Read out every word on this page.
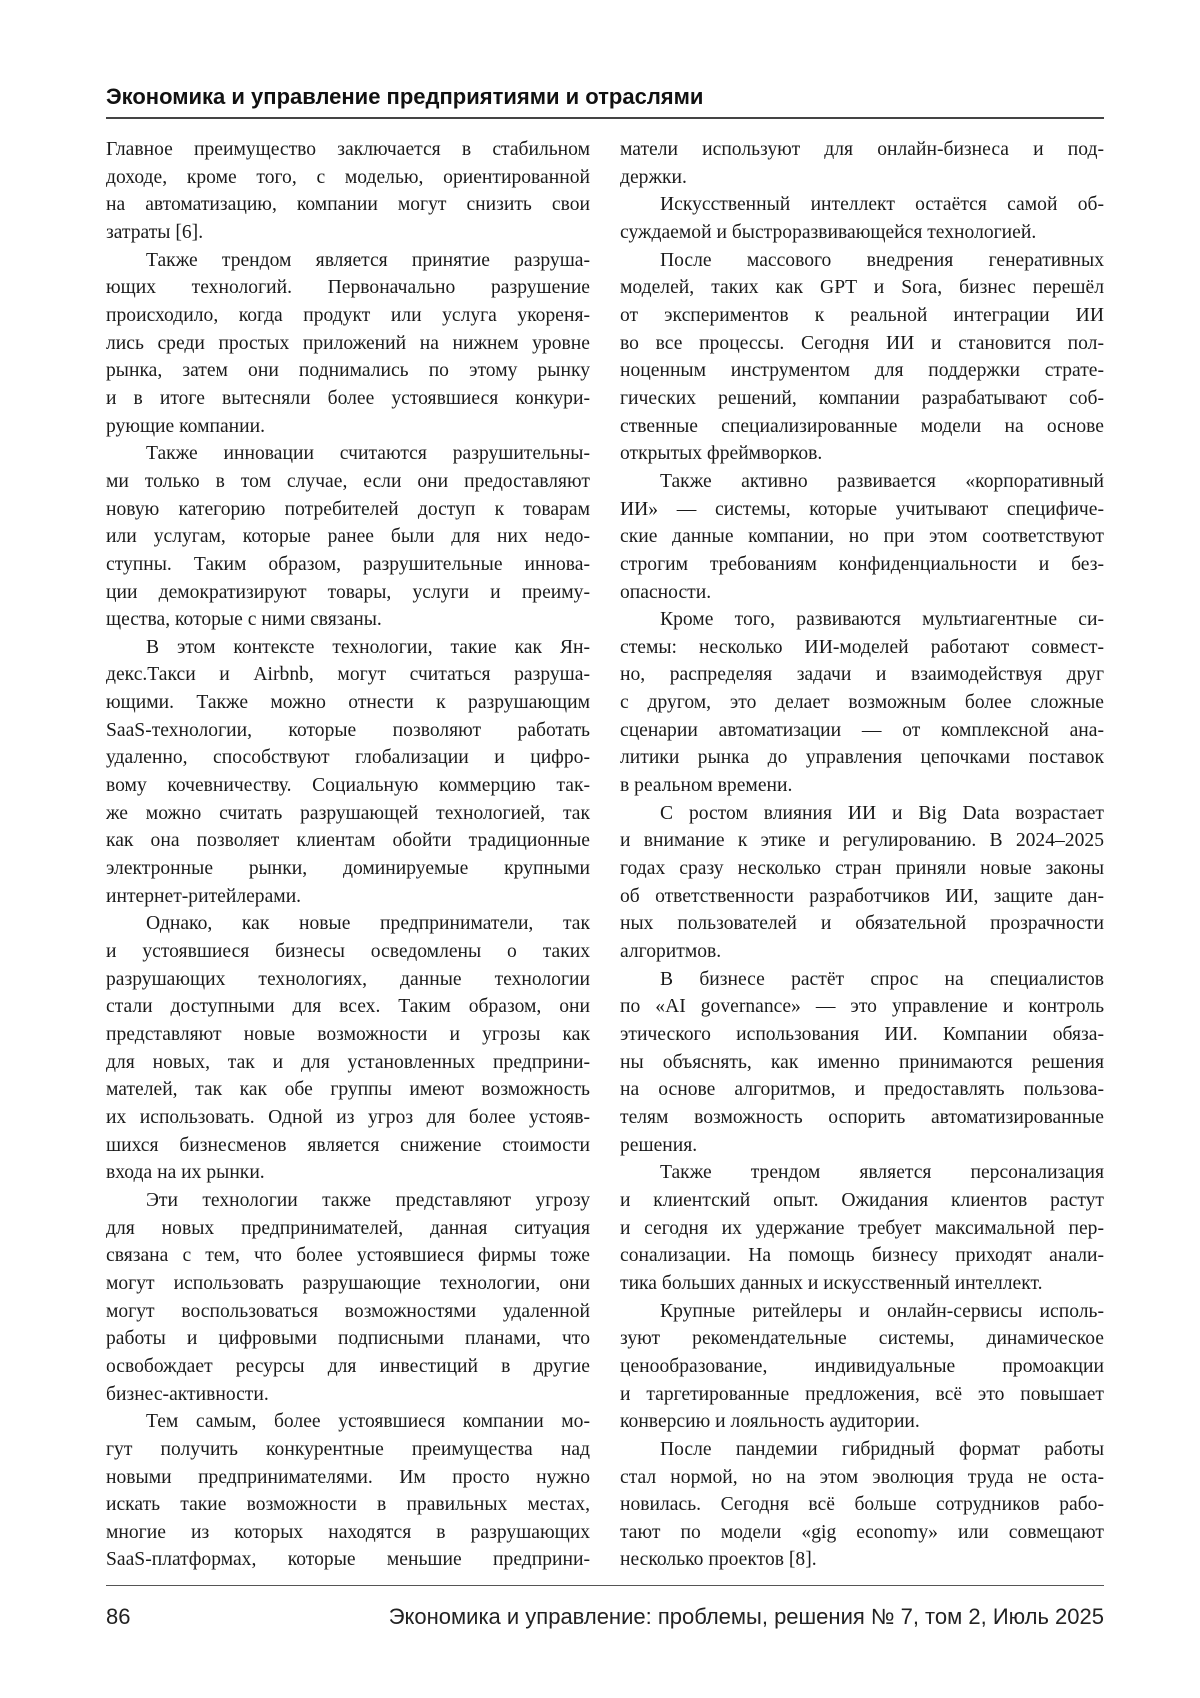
Экономика и управление предприятиями и отраслями
Главное преимущество заключается в стабильном
доходе, кроме того, с моделью, ориентированной
на автоматизацию, компании могут снизить свои
затраты [6].
Также трендом является принятие разруша-
ющих технологий. Первоначально разрушение
происходило, когда продукт или услуга укореня-
лись среди простых приложений на нижнем уровне
рынка, затем они поднимались по этому рынку
и в итоге вытесняли более устоявшиеся конкури-
рующие компании.
Также инновации считаются разрушительны-
ми только в том случае, если они предоставляют
новую категорию потребителей доступ к товарам
или услугам, которые ранее были для них недо-
ступны. Таким образом, разрушительные иннова-
ции демократизируют товары, услуги и преиму-
щества, которые с ними связаны.
В этом контексте технологии, такие как Ян-
декс.Такси и Airbnb, могут считаться разруша-
ющими. Также можно отнести к разрушающим
SaaS-технологии, которые позволяют работать
удаленно, способствуют глобализации и цифро-
вому кочевничеству. Социальную коммерцию так-
же можно считать разрушающей технологией, так
как она позволяет клиентам обойти традиционные
электронные рынки, доминируемые крупными
интернет-ритейлерами.
Однако, как новые предприниматели, так
и устоявшиеся бизнесы осведомлены о таких
разрушающих технологиях, данные технологии
стали доступными для всех. Таким образом, они
представляют новые возможности и угрозы как
для новых, так и для установленных предприни-
мателей, так как обе группы имеют возможность
их использовать. Одной из угроз для более устояв-
шихся бизнесменов является снижение стоимости
входа на их рынки.
Эти технологии также представляют угрозу
для новых предпринимателей, данная ситуация
связана с тем, что более устоявшиеся фирмы тоже
могут использовать разрушающие технологии, они
могут воспользоваться возможностями удаленной
работы и цифровыми подписными планами, что
освобождает ресурсы для инвестиций в другие
бизнес-активности.
Тем самым, более устоявшиеся компании мо-
гут получить конкурентные преимущества над
новыми предпринимателями. Им просто нужно
искать такие возможности в правильных местах,
многие из которых находятся в разрушающих
SaaS-платформах, которые меньшие предприни-
матели используют для онлайн-бизнеса и под-
держки.
Искусственный интеллект остаётся самой об-
суждаемой и быстроразвивающейся технологией.
После массового внедрения генеративных
моделей, таких как GPT и Sora, бизнес перешёл
от экспериментов к реальной интеграции ИИ
во все процессы. Сегодня ИИ и становится пол-
ноценным инструментом для поддержки страте-
гических решений, компании разрабатывают соб-
ственные специализированные модели на основе
открытых фреймворков.
Также активно развивается «корпоративный
ИИ» — системы, которые учитывают специфиче-
ские данные компании, но при этом соответствуют
строгим требованиям конфиденциальности и без-
опасности.
Кроме того, развиваются мультиагентные си-
стемы: несколько ИИ-моделей работают совмест-
но, распределяя задачи и взаимодействуя друг
с другом, это делает возможным более сложные
сценарии автоматизации — от комплексной ана-
литики рынка до управления цепочками поставок
в реальном времени.
С ростом влияния ИИ и Big Data возрастает
и внимание к этике и регулированию. В 2024–2025
годах сразу несколько стран приняли новые законы
об ответственности разработчиков ИИ, защите дан-
ных пользователей и обязательной прозрачности
алгоритмов.
В бизнесе растёт спрос на специалистов
по «AI governance» — это управление и контроль
этического использования ИИ. Компании обяза-
ны объяснять, как именно принимаются решения
на основе алгоритмов, и предоставлять пользова-
телям возможность оспорить автоматизированные
решения.
Также трендом является персонализация
и клиентский опыт. Ожидания клиентов растут
и сегодня их удержание требует максимальной пер-
сонализации. На помощь бизнесу приходят анали-
тика больших данных и искусственный интеллект.
Крупные ритейлеры и онлайн-сервисы исполь-
зуют рекомендательные системы, динамическое
ценообразование, индивидуальные промоакции
и таргетированные предложения, всё это повышает
конверсию и лояльность аудитории.
После пандемии гибридный формат работы
стал нормой, но на этом эволюция труда не оста-
новилась. Сегодня всё больше сотрудников рабо-
тают по модели «gig economy» или совмещают
несколько проектов [8].
86	Экономика и управление: проблемы, решения № 7, том 2, Июль 2025
